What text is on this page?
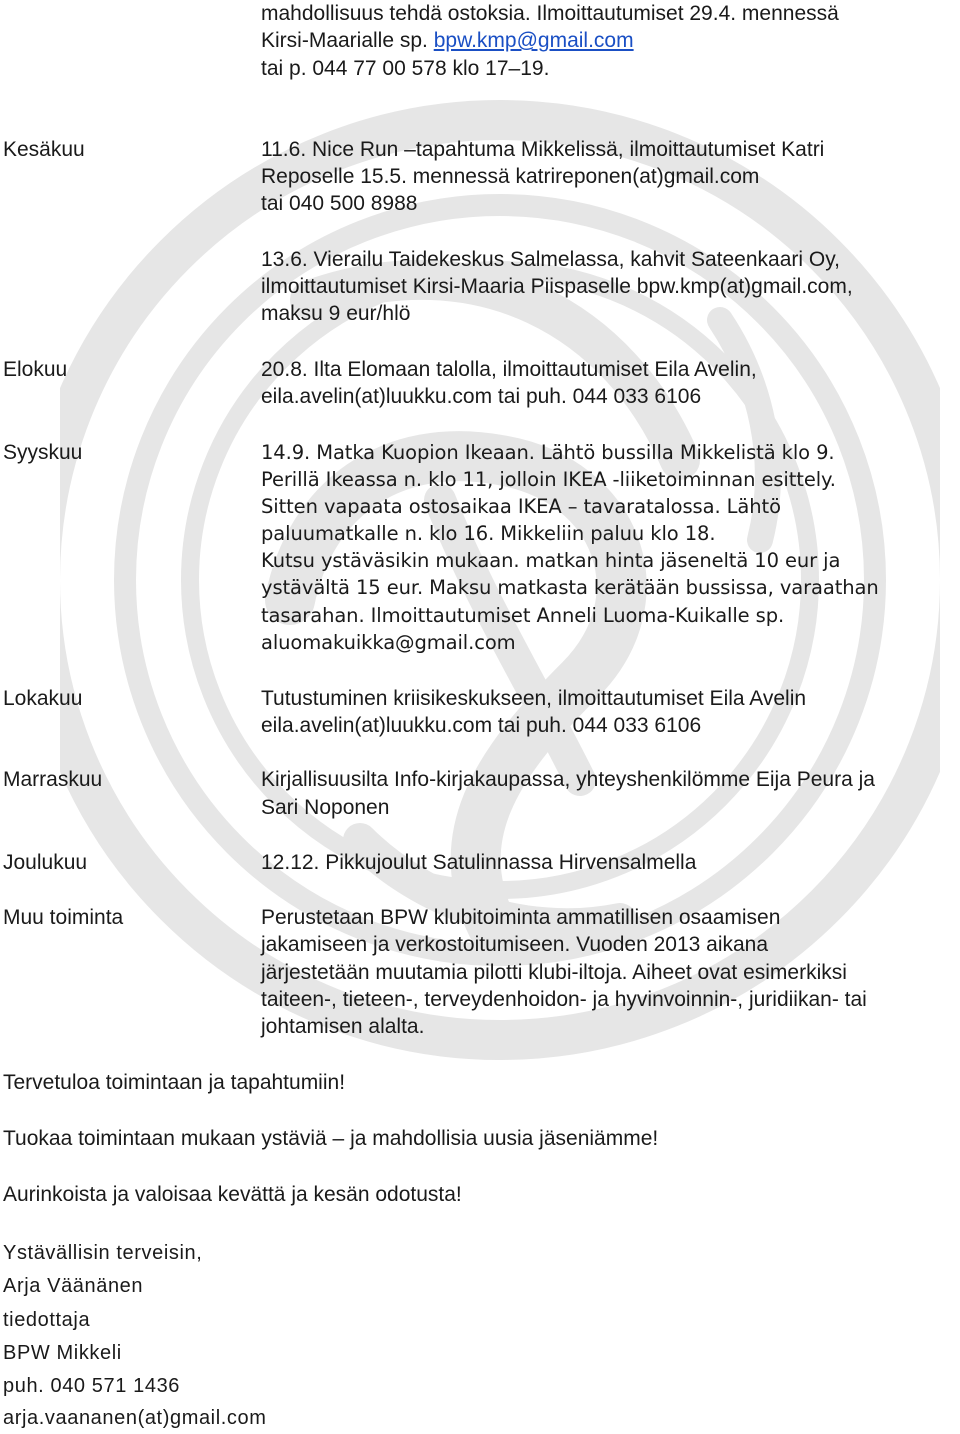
mahdollisuus tehdä ostoksia. Ilmoittautumiset 29.4. mennessä
Kirsi-Maarialle sp. bpw.kmp@gmail.com
tai p. 044 77 00 578 klo 17–19.
Kesäkuu	11.6. Nice Run –tapahtuma Mikkelissä, ilmoittautumiset Katri
Reposelle 15.5. mennessä katrireponen(at)gmail.com
tai 040 500 8988
13.6. Vierailu Taidekeskus Salmelassa, kahvit Sateenkaari Oy,
ilmoittautumiset Kirsi-Maaria Piispaselle bpw.kmp(at)gmail.com,
maksu 9 eur/hlö
Elokuu	20.8. Ilta Elomaan talolla, ilmoittautumiset Eila Avelin,
eila.avelin(at)luukku.com tai puh. 044 033 6106
Syyskuu	14.9. Matka Kuopion Ikeaan. Lähtö bussilla Mikkelistä klo 9.
Perillä Ikeassa n. klo 11, jolloin IKEA -liiketoiminnan esittely.
Sitten vapaata ostosaikaa IKEA – tavaratalossa. Lähtö
paluumatkalle n. klo 16. Mikkeliin paluu klo 18.
Kutsu ystäväsikin mukaan. matkan hinta jäseneltä 10 eur ja
ystävältä 15 eur. Maksu matkasta kerätään bussissa, varaathan
tasarahan. Ilmoittautumiset Anneli Luoma-Kuikalle sp.
aluomakuikka@gmail.com
Lokakuu	Tutustuminen kriisikeskukseen, ilmoittautumiset Eila Avelin
eila.avelin(at)luukku.com tai puh. 044 033 6106
Marraskuu	Kirjallisuusilta Info-kirjakaupassa, yhteyshenkilömme Eija Peura ja
Sari Noponen
Joulukuu	12.12. Pikkujoulut Satulinnassa Hirvensalmella
Muu toiminta	Perustetaan BPW klubitoiminta ammatillisen osaamisen
jakamiseen ja verkostoitumiseen. Vuoden 2013 aikana
järjestetään muutamia pilotti klubi-iltoja. Aiheet ovat esimerkiksi
taiteen-, tieteen-, terveydenhoidon- ja hyvinvoinnin-, juridiikan- tai
johtamisen alalta.
Tervetuloa toimintaan ja tapahtumiin!
Tuokaa toimintaan mukaan ystäviä – ja mahdollisia uusia jäseniämme!
Aurinkoista ja valoisaa kevättä ja kesän odotusta!
Ystävällisin terveisin,
Arja Väänänen
tiedottaja
BPW Mikkeli
puh. 040 571 1436
arja.vaananen(at)gmail.com
